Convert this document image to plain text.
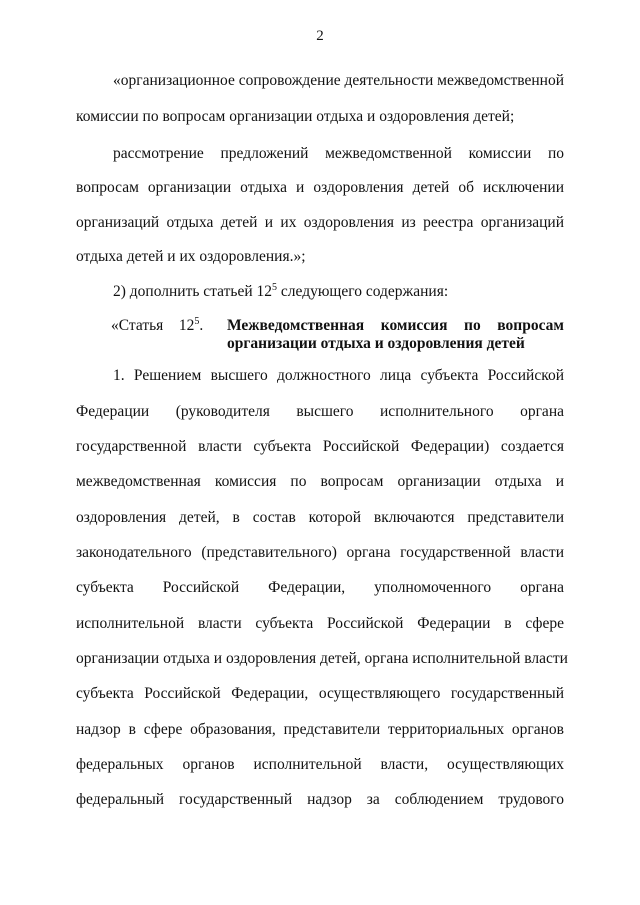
2
«организационное сопровождение деятельности межведомственной
комиссии по вопросам организации отдыха и оздоровления детей;
рассмотрение предложений межведомственной комиссии по
вопросам организации отдыха и оздоровления детей об исключении
организаций отдыха детей и их оздоровления из реестра организаций
отдыха детей и их оздоровления.»;
2) дополнить статьей $12^5$ следующего содержания:
«Статья $12^5$. Межведомственная комиссия по вопросам
организации отдыха и оздоровления детей
1. Решением высшего должностного лица субъекта Российской
Федерации (руководителя высшего исполнительного органа
государственной власти субъекта Российской Федерации) создается
межведомственная комиссия по вопросам организации отдыха и
оздоровления детей, в состав которой включаются представители
законодательного (представительного) органа государственной власти
субъекта Российской Федерации, уполномоченного органа
исполнительной власти субъекта Российской Федерации в сфере
организации отдыха и оздоровления детей, органа исполнительной власти
субъекта Российской Федерации, осуществляющего государственный
надзор в сфере образования, представители территориальных органов
федеральных органов исполнительной власти, осуществляющих
федеральный государственный надзор за соблюдением трудового
